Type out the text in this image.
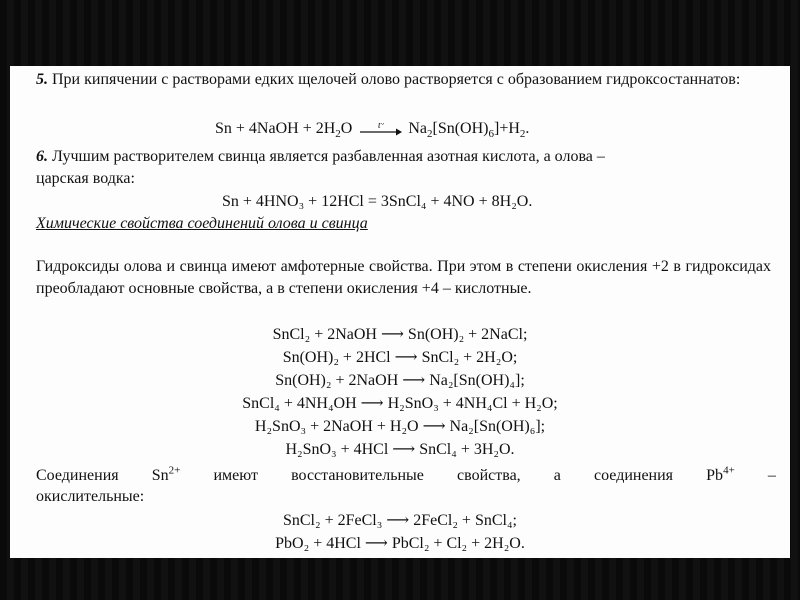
5. При кипячении с растворами едких щелочей олово растворяется с образованием гидроксостаннатов:
Sn + 4NaOH + $2H_2O$	t° $Na_2[Sn(OH)_6]+H_2$.
6. Лучшим растворителем свинца является разбавленная азотная кислота, а олова –
царская водка:
Sn + 4HNO₃ + 12HCl = 3SnCl₄ + 4NO + 8H₂O.
Химические свойства соединений олова и свинца
Гидроксиды олова и свинца имеют амфотерные свойства. При этом в степени окисления +2 в гидроксидах преобладают основные свойства, а в степени окисления +4 – кислотные.
SnCl₂ + 2NaOH ⟶ Sn(OH)₂ + 2NaCl;
Sn(OH)₂ + 2HCl ⟶ SnCl₂ + 2H₂O;
Sn(OH)₂ + 2NaOH ⟶ Na₂[Sn(OH)₄];
SnCl₄ + 4NH₄OH ⟶ H₂SnO₃ + 4NH₄Cl + H₂O;
H₂SnO₃ + 2NaOH + H₂O ⟶ Na₂[Sn(OH)₆];
H₂SnO₃ + 4HCl ⟶ SnCl₄ + 3H₂O.
Соединения $Sn^{2+}$ имеют восстановительные свойства, а соединения $Pb^{4+}$ –
окислительные:
SnCl₂ + 2FeCl₃ ⟶ 2FeCl₂ + SnCl₄;
PbO₂ + 4HCl ⟶ PbCl₂ + Cl₂ + 2H₂O.
